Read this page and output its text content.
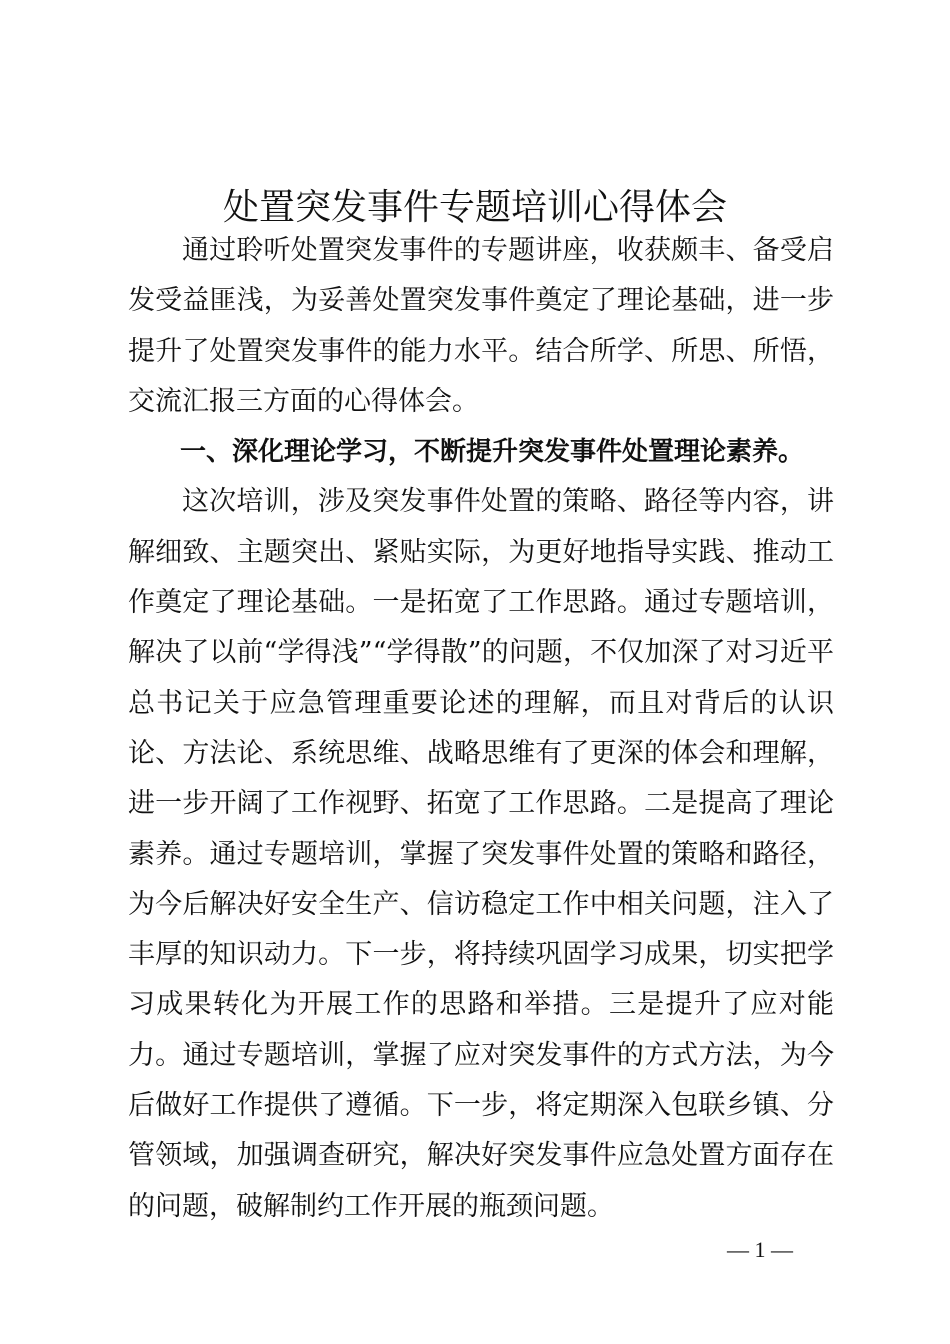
处置突发事件专题培训心得体会

通过聆听处置突发事件的专题讲座，收获颇丰、备受启发受益匪浅，为妥善处置突发事件奠定了理论基础，进一步提升了处置突发事件的能力水平。结合所学、所思、所悟，交流汇报三方面的心得体会。

一、深化理论学习，不断提升突发事件处置理论素养。

这次培训，涉及突发事件处置的策略、路径等内容，讲解细致、主题突出、紧贴实际，为更好地指导实践、推动工作奠定了理论基础。一是拓宽了工作思路。通过专题培训，解决了以前“学得浅”“学得散”的问题，不仅加深了对习近平总书记关于应急管理重要论述的理解，而且对背后的认识论、方法论、系统思维、战略思维有了更深的体会和理解，进一步开阔了工作视野、拓宽了工作思路。二是提高了理论素养。通过专题培训，掌握了突发事件处置的策略和路径，为今后解决好安全生产、信访稳定工作中相关问题，注入了丰厚的知识动力。下一步，将持续巩固学习成果，切实把学习成果转化为开展工作的思路和举措。三是提升了应对能力。通过专题培训，掌握了应对突发事件的方式方法，为今后做好工作提供了遵循。下一步，将定期深入包联乡镇、分管领域，加强调查研究，解决好突发事件应急处置方面存在的问题，破解制约工作开展的瓶颈问题。

— 1 —
